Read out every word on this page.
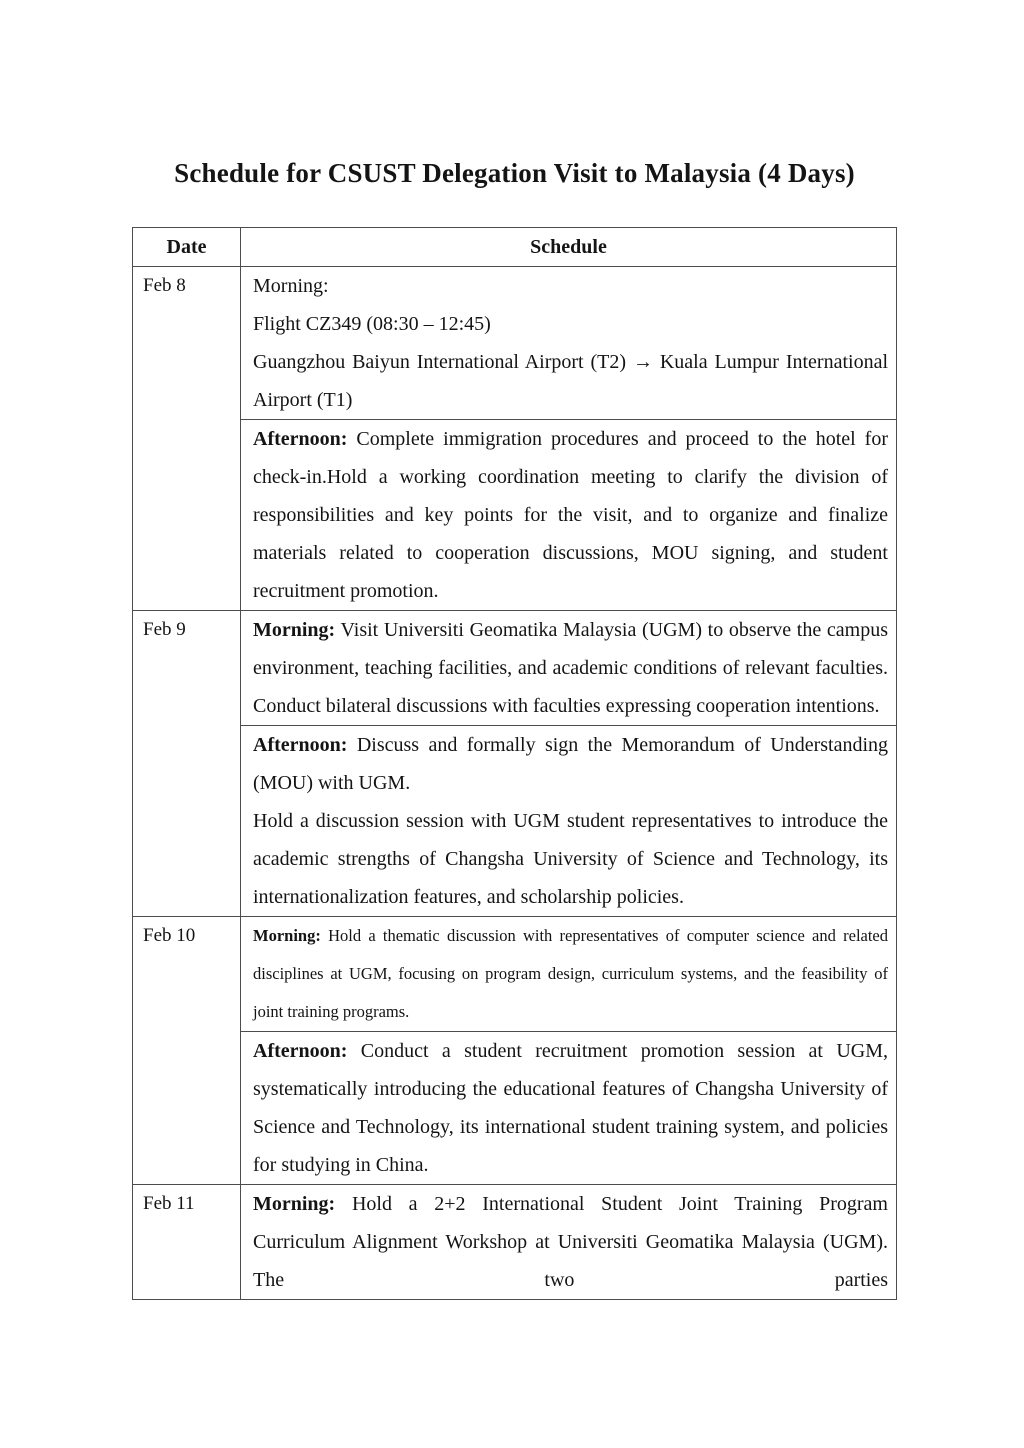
Schedule for CSUST Delegation Visit to Malaysia (4 Days)
Date	Schedule
Feb 8	Morning:

Flight CZ349 (08:30 – 12:45)

Guangzhou Baiyun International Airport (T2) → Kuala Lumpur International Airport (T1)

	Afternoon: Complete immigration procedures and proceed to the hotel for check-in.Hold a working coordination meeting to clarify the division of responsibilities and key points for the visit, and to organize and finalize materials related to cooperation discussions, MOU signing, and student recruitment promotion.

Feb 9	Morning: Visit Universiti Geomatika Malaysia (UGM) to observe the campus environment, teaching facilities, and academic conditions of relevant faculties. Conduct bilateral discussions with faculties expressing cooperation intentions.

	Afternoon: Discuss and formally sign the Memorandum of Understanding (MOU) with UGM.

Hold a discussion session with UGM student representatives to introduce the academic strengths of Changsha University of Science and Technology, its internationalization features, and scholarship policies.

Feb 10	Morning: Hold a thematic discussion with representatives of computer science and related disciplines at UGM, focusing on program design, curriculum systems, and the feasibility of joint training programs.

	Afternoon: Conduct a student recruitment promotion session at UGM, systematically introducing the educational features of Changsha University of Science and Technology, its international student training system, and policies for studying in China.

Feb 11	Morning: Hold a 2+2 International Student Joint Training Program Curriculum Alignment Workshop at Universiti Geomatika Malaysia (UGM). The two parties
